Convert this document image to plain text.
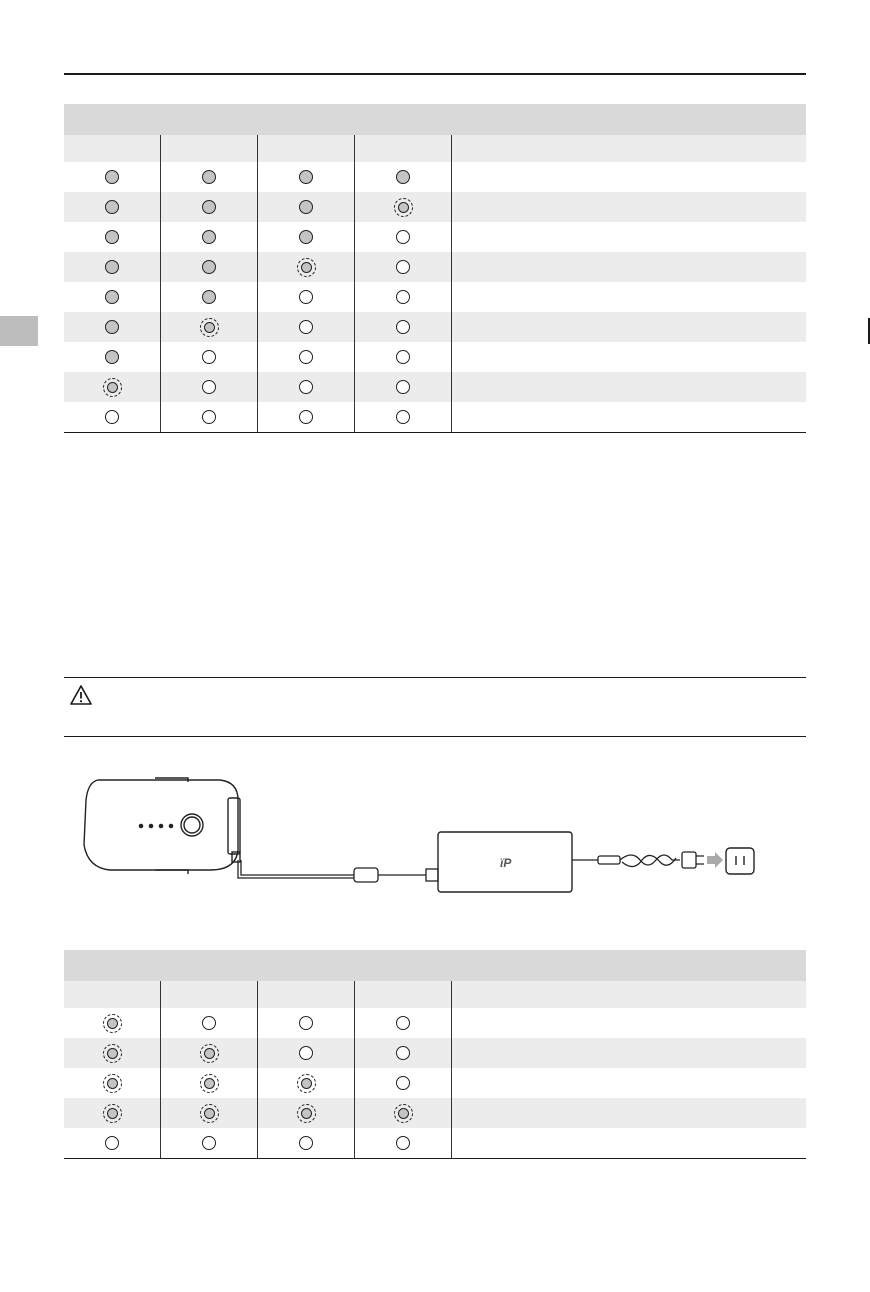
ϊP
